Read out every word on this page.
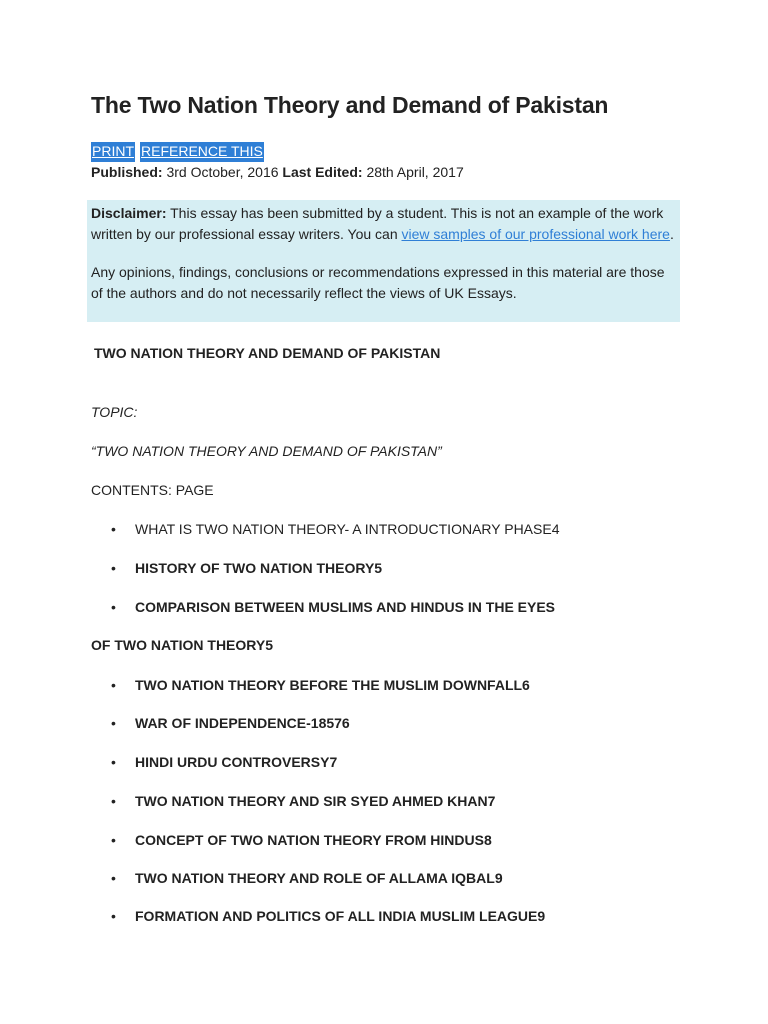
The Two Nation Theory and Demand of Pakistan
PRINT REFERENCE THIS
Published: 3rd October, 2016 Last Edited: 28th April, 2017

Disclaimer: This essay has been submitted by a student. This is not an example of the work written by our professional essay writers. You can view samples of our professional work here.

Any opinions, findings, conclusions or recommendations expressed in this material are those of the authors and do not necessarily reflect the views of UK Essays.

TWO NATION THEORY AND DEMAND OF PAKISTAN
TOPIC:
“TWO NATION THEORY AND DEMAND OF PAKISTAN”
CONTENTS: PAGE
• WHAT IS TWO NATION THEORY- A INTRODUCTIONARY PHASE4
• HISTORY OF TWO NATION THEORY5
• COMPARISON BETWEEN MUSLIMS AND HINDUS IN THE EYES
OF TWO NATION THEORY5
• TWO NATION THEORY BEFORE THE MUSLIM DOWNFALL6
• WAR OF INDEPENDENCE-18576
• HINDI URDU CONTROVERSY7
• TWO NATION THEORY AND SIR SYED AHMED KHAN7
• CONCEPT OF TWO NATION THEORY FROM HINDUS8
• TWO NATION THEORY AND ROLE OF ALLAMA IQBAL9
• FORMATION AND POLITICS OF ALL INDIA MUSLIM LEAGUE9
